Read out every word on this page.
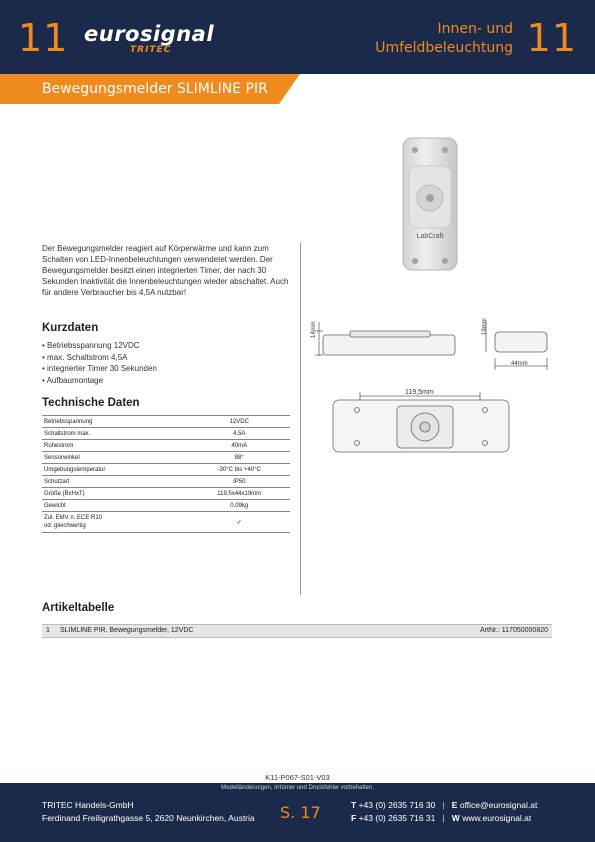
11 eurosignal
TRITEC
Innen- und
Umfeldbeleuchtung 11
Bewegungsmelder SLIMLINE PIR
LabCraft
Der Bewegungsmelder reagiert auf Körperwärme und kann zum Schalten von LED-Innenbeleuchtungen verwendetet werden. Der Bewegungsmelder besitzt einen integrierten Timer, der nach 30 Sekunden Inaktivität die Innenbeleuchtungen wieder abschaltet. Auch für andere Verbraucher bis 4,5A nutzbar!
Kurzdaten
• Betriebsspannung 12VDC
• max. Schaltstrom 4,5A
• integrierter Timer 30 Sekunden
• Aufbaumontage
Technische Daten
Betriebsspannung	12VDC
Schaltstrom max.	4,5A
Ruhestrom	40mA
Sensorwinkel	88°
Umgebungstemperatur	-30°C bis +40°C
Schutzart	IP50
Größe (BxHxT)	119,5x44x19mm
Gewicht	0,09kg

Zul. EMV n. ECE R10
od. gleichwertig	✓
14mm	19mm
44mm
119,5mm
Artikeltabelle
1 SLIMLINE PIR, Bewegungsmelder, 12VDC	ArtNr.: 117050000820
K11-P067-S01-V03
Modelländerungen, Irrtümer und Druckfehler vorbehalten.
TRITEC Handels-GmbH
Ferdinand Freiligrathgasse 5, 2620 Neunkirchen, Austria S. 17	T +43 (0) 2635 716 30   |   E office@eurosignal.at
F +43 (0) 2635 716 31   |   W www.eurosignal.at
